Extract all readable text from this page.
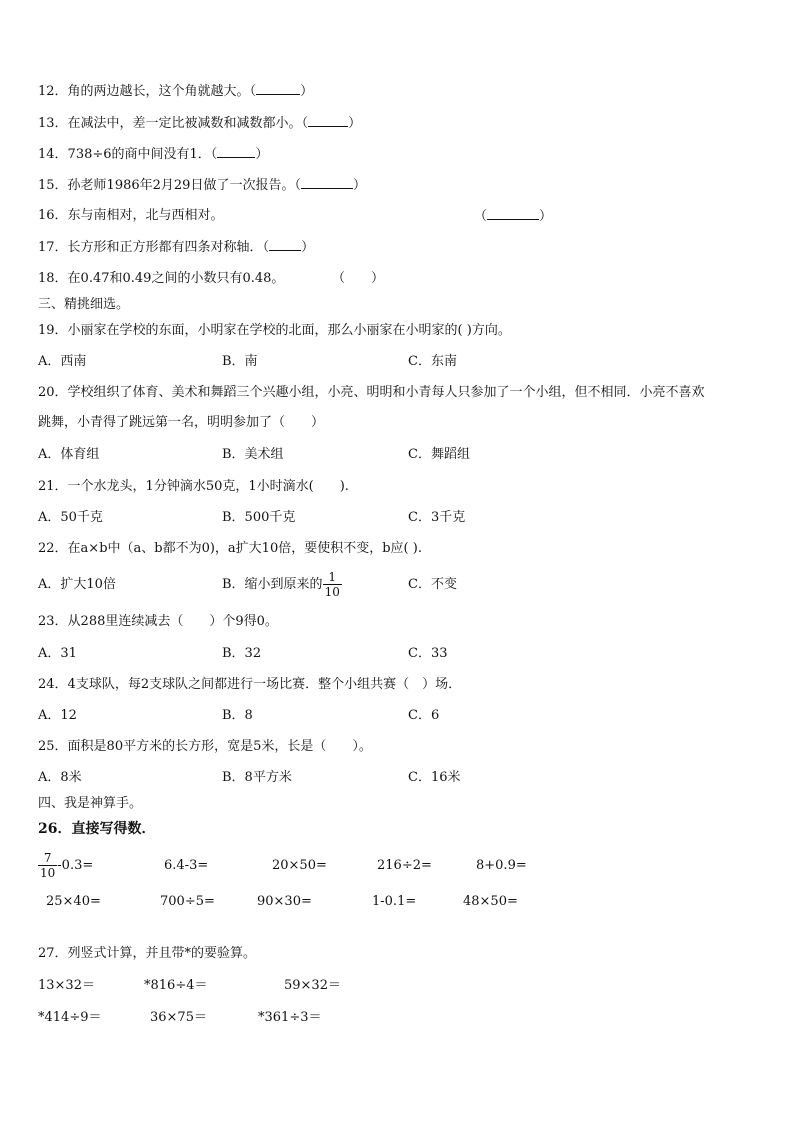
12．角的两边越长，这个角就越大。（	）
13．在减法中，差一定比被减数和减数都小。（	）
14．738÷6的商中间没有1．（	）
15．孙老师1986年2月29日做了一次报告。（	）
16．东与南相对，北与西相对。	（	）
17．长方形和正方形都有四条对称轴．（ ）
18．在0.47和0.49之间的小数只有0.48。	（　　）
三、精挑细选。
19．小丽家在学校的东面，小明家在学校的北面，那么小丽家在小明家的( )方向。
A．西南	B．南	C．东南
20．学校组织了体育、美术和舞蹈三个兴趣小组，小亮、明明和小青每人只参加了一个小组，但不相同．小亮不喜欢
跳舞，小青得了跳远第一名，明明参加了（　　）
A．体育组	B．美术组	C．舞蹈组
21．一个水龙头，1分钟滴水50克，1小时滴水(　　).
A．50千克	B．500千克	C．3千克
22．在a×b中（a、b都不为0)，a扩大10倍，要使积不变，b应( ).
A．扩大10倍	B．缩小到原来的 $\frac{1}{10}$	C．不变
23．从288里连续减去（　　）个9得0。
A．31	B．32	C．33
24．4支球队，每2支球队之间都进行一场比赛．整个小组共赛（　）场．
A．12	B．8	C．6
25．面积是80平方米的长方形，宽是5米，长是（　　）。
A．8米	B．8平方米	C．16米
四、我是神算手。
26．直接写得数．
$\frac{7}{10} -0.3=$	6.4-3=	20×50=	216÷2=	8+0.9=
25×40=	700÷5=	90×30=	1-0.1=	48×50=
27．列竖式计算，并且带*的要验算。
13×32＝	*816÷4＝	59×32＝
*414÷9＝	36×75＝	*361÷3＝
